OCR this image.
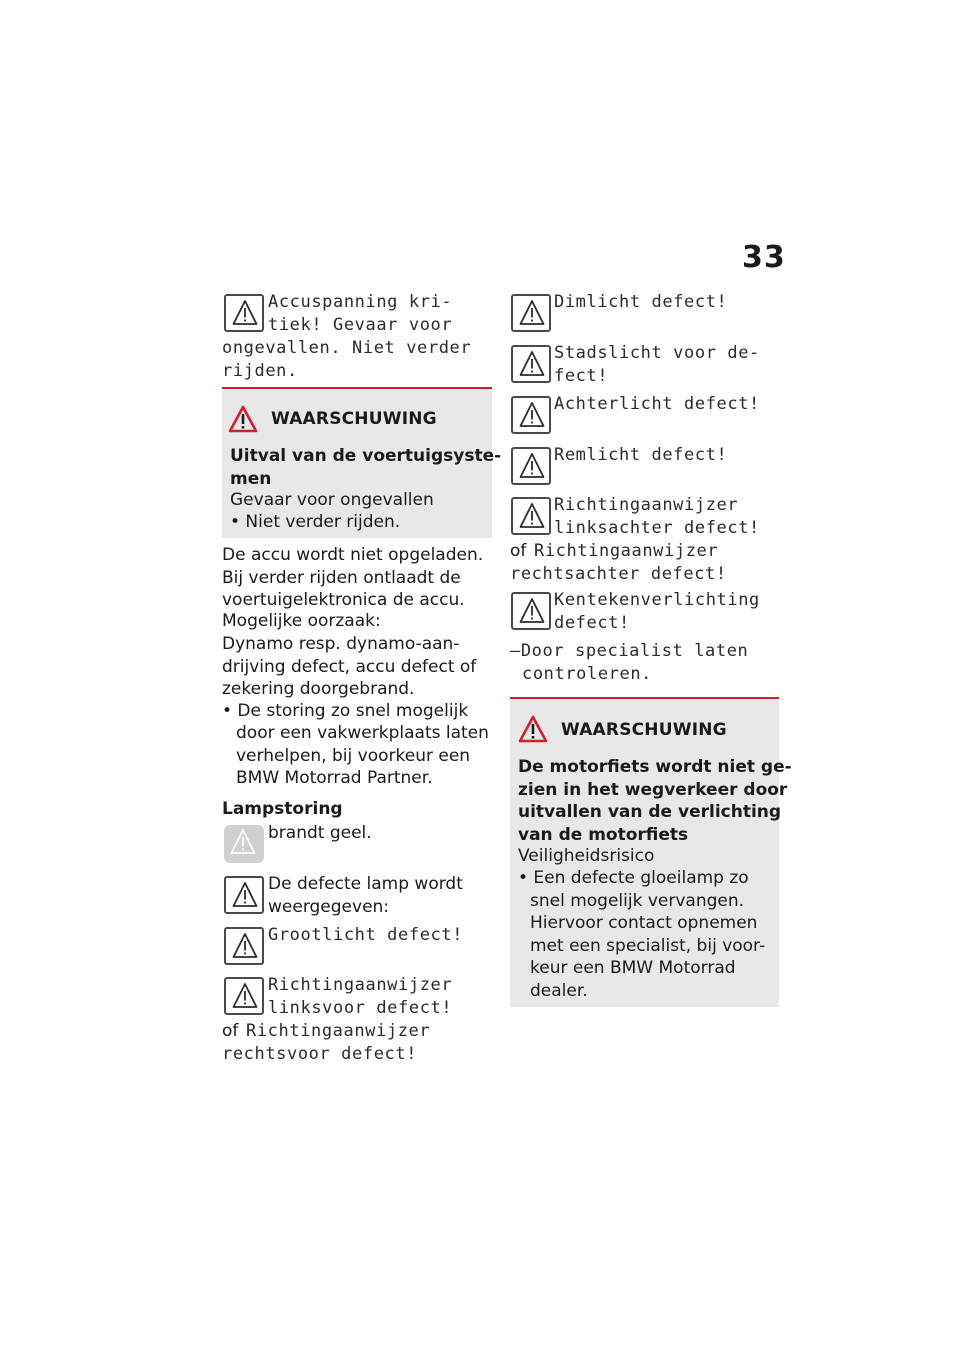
33
Accuspanning kri-
tiek! Gevaar voor
ongevallen. Niet verder
rijden.
WAARSCHUWING
Uitval van de voertuigsyste-
men
Gevaar voor ongevallen
• Niet verder rijden.
De accu wordt niet opgeladen.
Bij verder rijden ontlaadt de
voertuigelektronica de accu.
Mogelijke oorzaak:
Dynamo resp. dynamo-aan-
drijving defect, accu defect of
zekering doorgebrand.
• De storing zo snel mogelijk
door een vakwerkplaats laten
verhelpen, bij voorkeur een
BMW Motorrad Partner.
Lampstoring
brandt geel.
De defecte lamp wordt
weergegeven:
Grootlicht defect!
Richtingaanwijzer
linksvoor defect!
of Richtingaanwijzer
rechtsvoor defect!
Dimlicht defect!
Stadslicht voor de-
fect!
Achterlicht defect!
Remlicht defect!
Richtingaanwijzer
linksachter defect!
of Richtingaanwijzer
rechtsachter defect!
Kentekenverlichting
defect!
–Door specialist laten
controleren.
WAARSCHUWING
De motorfiets wordt niet ge-
zien in het wegverkeer door
uitvallen van de verlichting
van de motorfiets
Veiligheidsrisico
• Een defecte gloeilamp zo
snel mogelijk vervangen.
Hiervoor contact opnemen
met een specialist, bij voor-
keur een BMW Motorrad
dealer.
